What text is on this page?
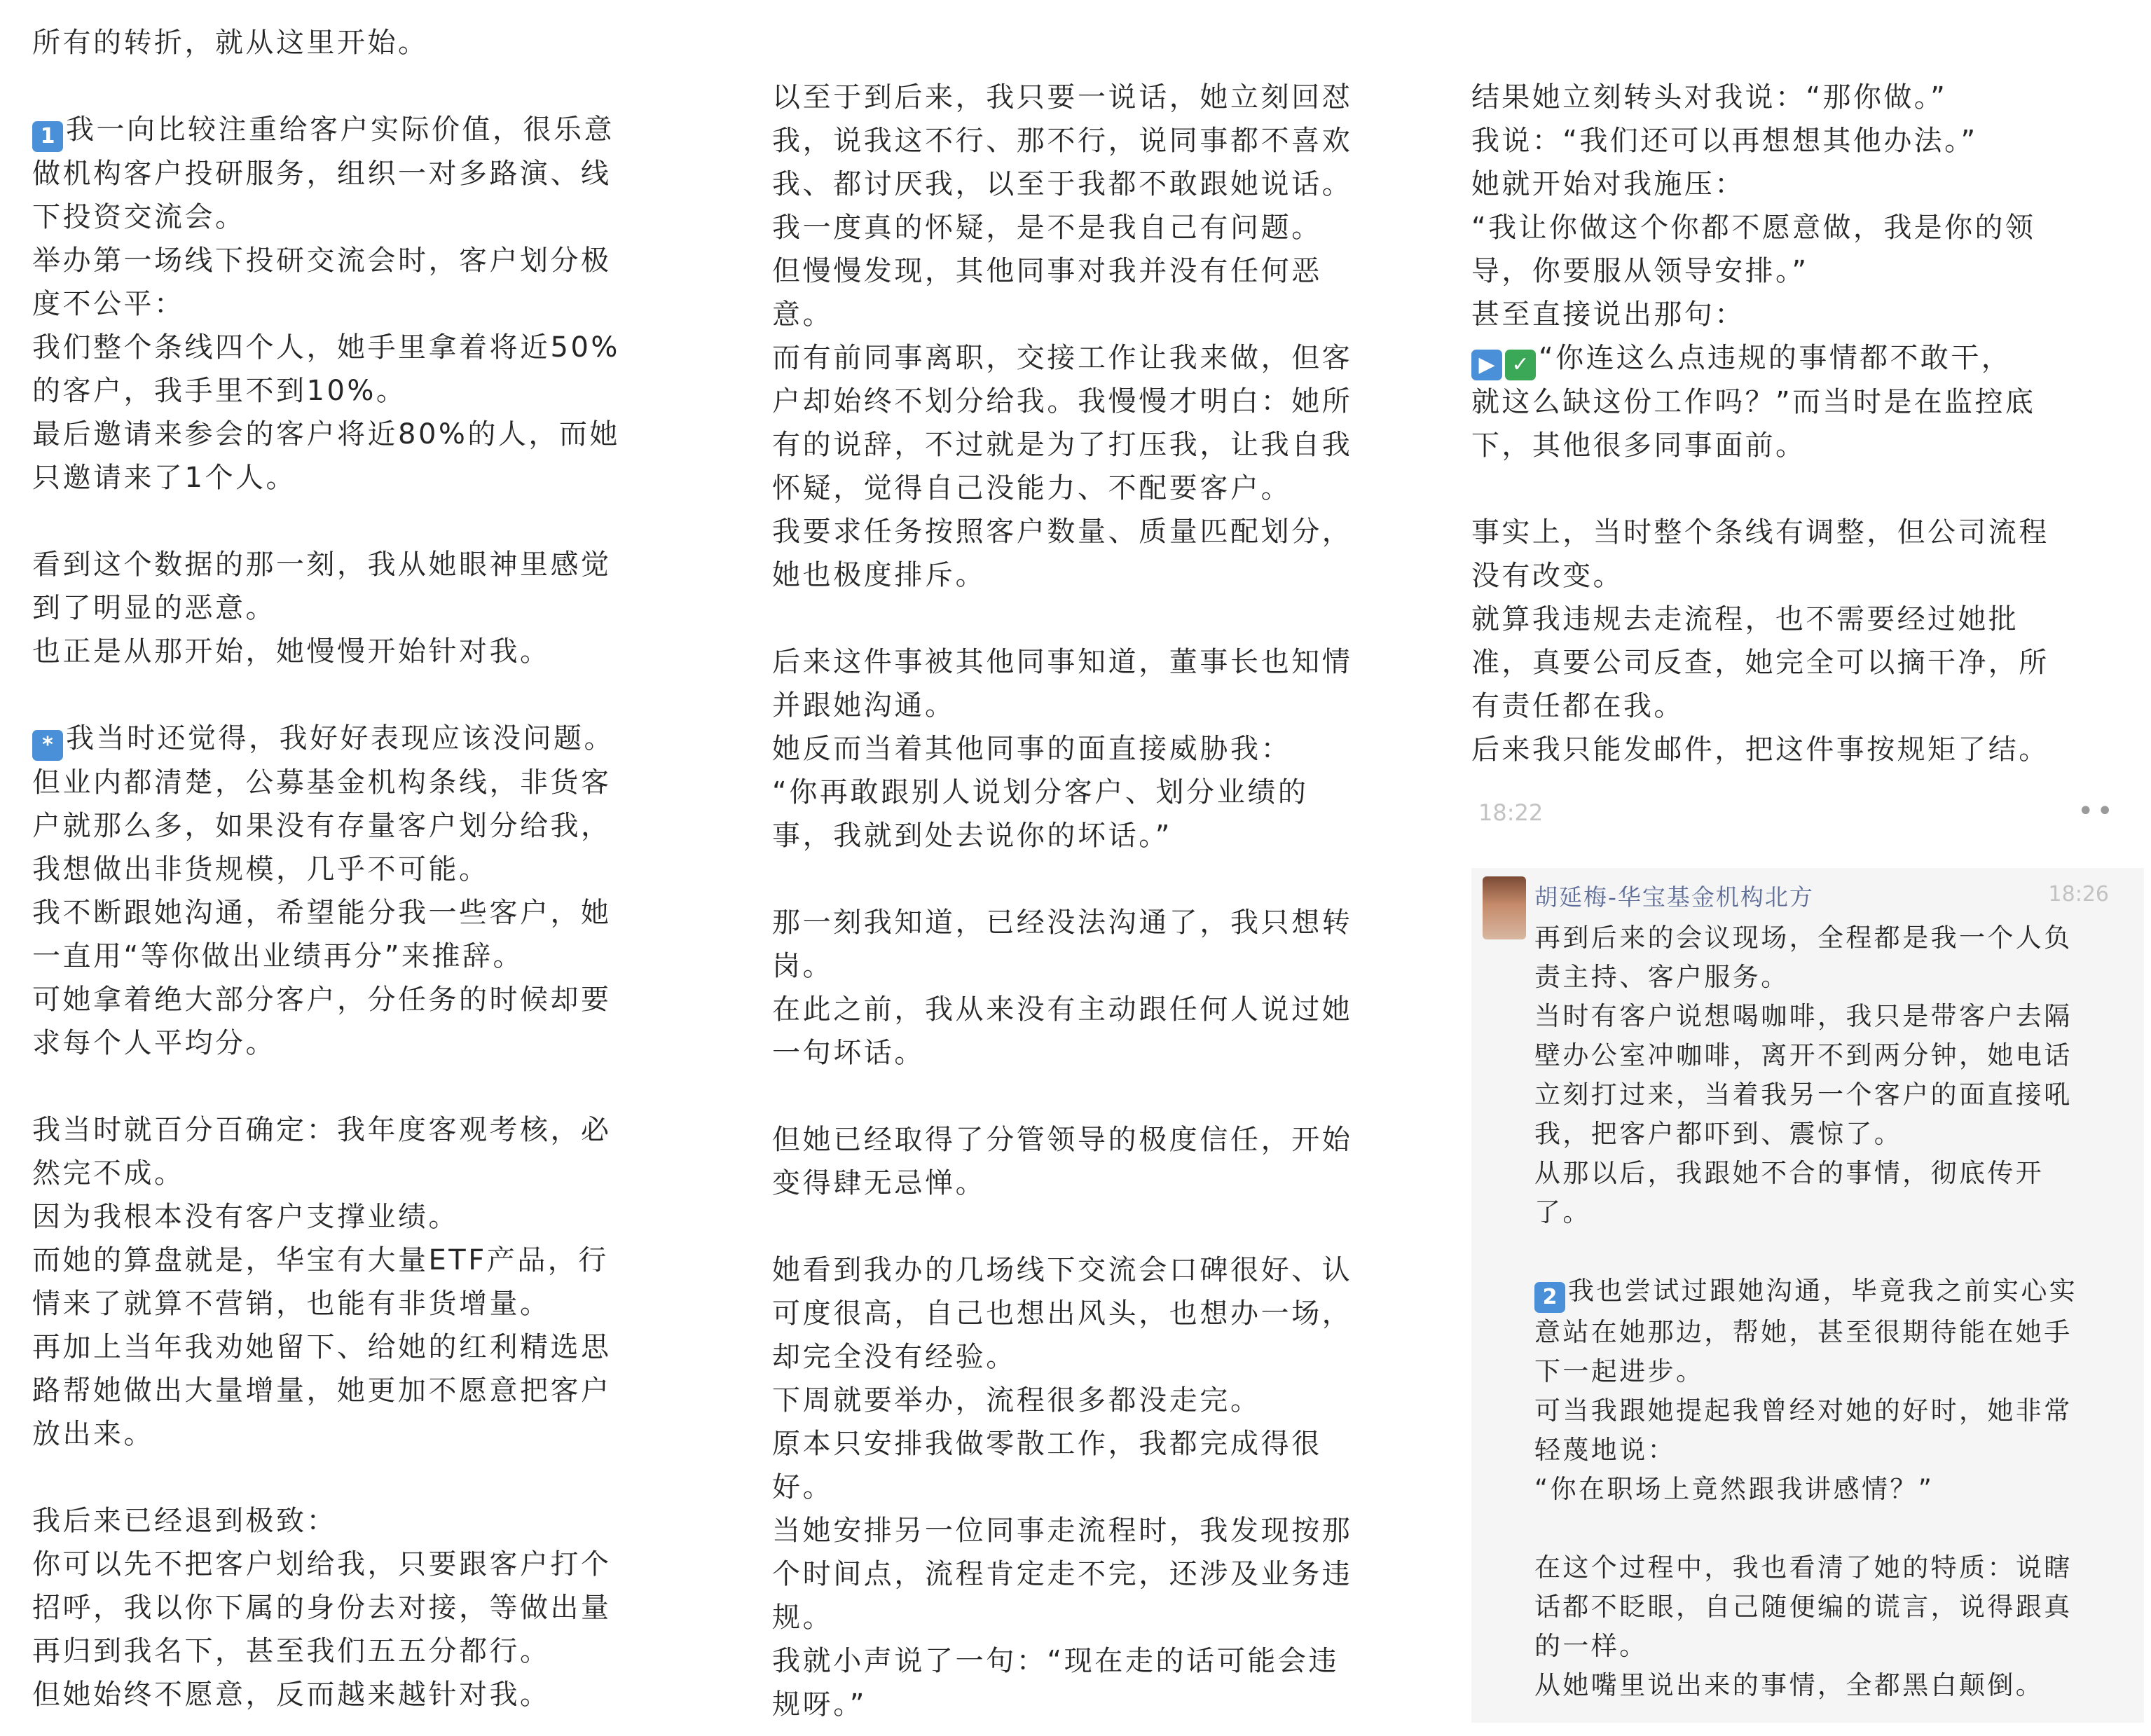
所有的转折，就从这里开始。
1 我一向比较注重给客户实际价值，很乐意
做机构客户投研服务，组织一对多路演、线
下投资交流会。
举办第一场线下投研交流会时，客户划分极
度不公平：
我们整个条线四个人，她手里拿着将近50%
的客户，我手里不到10%。
最后邀请来参会的客户将近80%的人，而她
只邀请来了1个人。
看到这个数据的那一刻，我从她眼神里感觉
到了明显的恶意。
也正是从那开始，她慢慢开始针对我。
* 我当时还觉得，我好好表现应该没问题。
但业内都清楚，公募基金机构条线，非货客
户就那么多，如果没有存量客户划分给我，
我想做出非货规模，几乎不可能。
我不断跟她沟通，希望能分我一些客户，她
一直用“等你做出业绩再分”来推辞。
可她拿着绝大部分客户，分任务的时候却要
求每个人平均分。
我当时就百分百确定：我年度客观考核，必
然完不成。
因为我根本没有客户支撑业绩。
而她的算盘就是，华宝有大量ETF产品，行
情来了就算不营销，也能有非货增量。
再加上当年我劝她留下、给她的红利精选思
路帮她做出大量增量，她更加不愿意把客户
放出来。
我后来已经退到极致：
你可以先不把客户划给我，只要跟客户打个
招呼，我以你下属的身份去对接，等做出量
再归到我名下，甚至我们五五分都行。
但她始终不愿意，反而越来越针对我。
以至于到后来，我只要一说话，她立刻回怼
我，说我这不行、那不行，说同事都不喜欢
我、都讨厌我，以至于我都不敢跟她说话。
我一度真的怀疑，是不是我自己有问题。
但慢慢发现，其他同事对我并没有任何恶
意。
而有前同事离职，交接工作让我来做，但客
户却始终不划分给我。我慢慢才明白：她所
有的说辞，不过就是为了打压我，让我自我
怀疑，觉得自己没能力、不配要客户。
我要求任务按照客户数量、质量匹配划分，
她也极度排斥。
后来这件事被其他同事知道，董事长也知情
并跟她沟通。
她反而当着其他同事的面直接威胁我：
“你再敢跟别人说划分客户、划分业绩的
事，我就到处去说你的坏话。”
那一刻我知道，已经没法沟通了，我只想转
岗。
在此之前，我从来没有主动跟任何人说过她
一句坏话。
但她已经取得了分管领导的极度信任，开始
变得肆无忌惮。
她看到我办的几场线下交流会口碑很好、认
可度很高，自己也想出风头，也想办一场，
却完全没有经验。
下周就要举办，流程很多都没走完。
原本只安排我做零散工作，我都完成得很
好。
当她安排另一位同事走流程时，我发现按那
个时间点，流程肯定走不完，还涉及业务违
规。
我就小声说了一句：“现在走的话可能会违
规呀。”
结果她立刻转头对我说：“那你做。”
我说：“我们还可以再想想其他办法。”
她就开始对我施压：
“我让你做这个你都不愿意做，我是你的领
导，你要服从领导安排。”
甚至直接说出那句：
▶ ✓ “你连这么点违规的事情都不敢干，
就这么缺这份工作吗？”而当时是在监控底
下，其他很多同事面前。
事实上，当时整个条线有调整，但公司流程
没有改变。
就算我违规去走流程，也不需要经过她批
准，真要公司反查，她完全可以摘干净，所
有责任都在我。
后来我只能发邮件，把这件事按规矩了结。
18:22	••
胡延梅-华宝基金机构北方	18:26
再到后来的会议现场，全程都是我一个人负
责主持、客户服务。
当时有客户说想喝咖啡，我只是带客户去隔
壁办公室冲咖啡，离开不到两分钟，她电话
立刻打过来，当着我另一个客户的面直接吼
我，把客户都吓到、震惊了。
从那以后，我跟她不合的事情，彻底传开
了。
2 我也尝试过跟她沟通，毕竟我之前实心实
意站在她那边，帮她，甚至很期待能在她手
下一起进步。
可当我跟她提起我曾经对她的好时，她非常
轻蔑地说：
“你在职场上竟然跟我讲感情？”
在这个过程中，我也看清了她的特质：说瞎
话都不眨眼，自己随便编的谎言，说得跟真
的一样。
从她嘴里说出来的事情，全都黑白颠倒。
